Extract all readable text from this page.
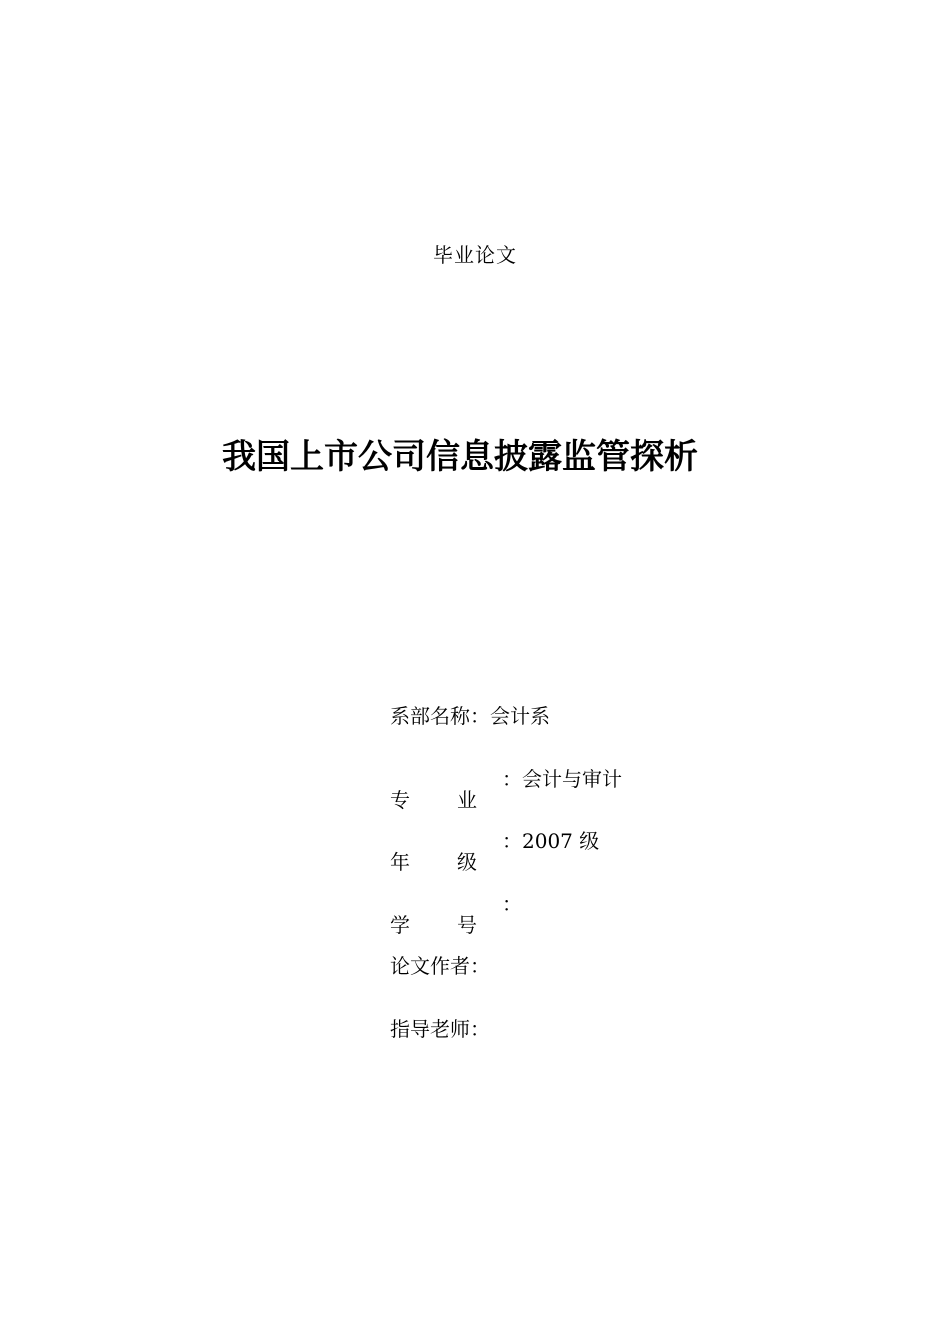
毕业论文
我国上市公司信息披露监管探析
系部名称：会计系
专 业
：会计与审计
年 级
：2007 级
学 号
：
论文作者：
指导老师：
